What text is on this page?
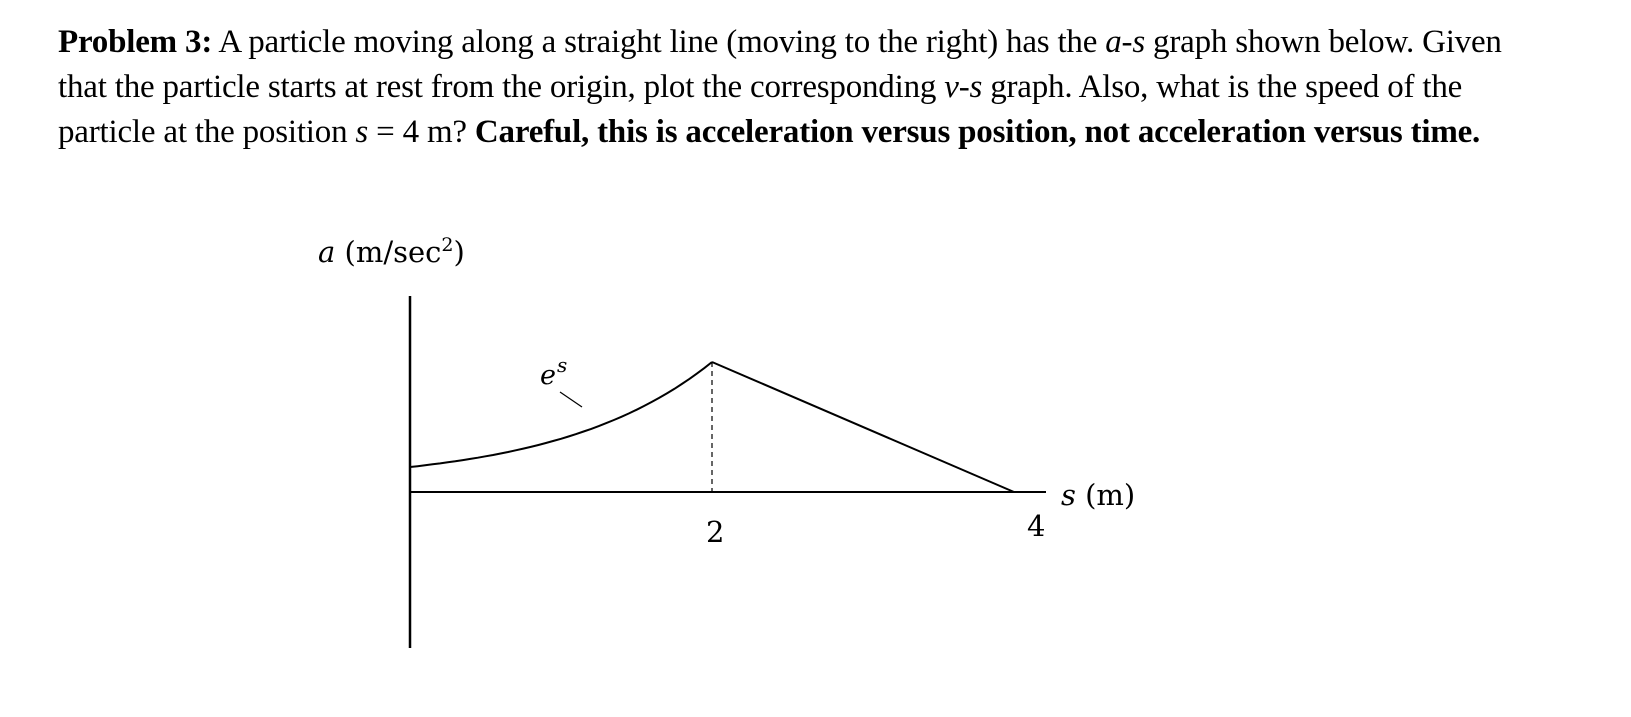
Problem 3: A particle moving along a straight line (moving to the right) has the a-s graph shown below. Given that the particle starts at rest from the origin, plot the corresponding v-s graph. Also, what is the speed of the particle at the position s = 4 m? Careful, this is acceleration versus position, not acceleration versus time.

a $(m/\sec^2)$
$e^s$
2	4
s (m)
